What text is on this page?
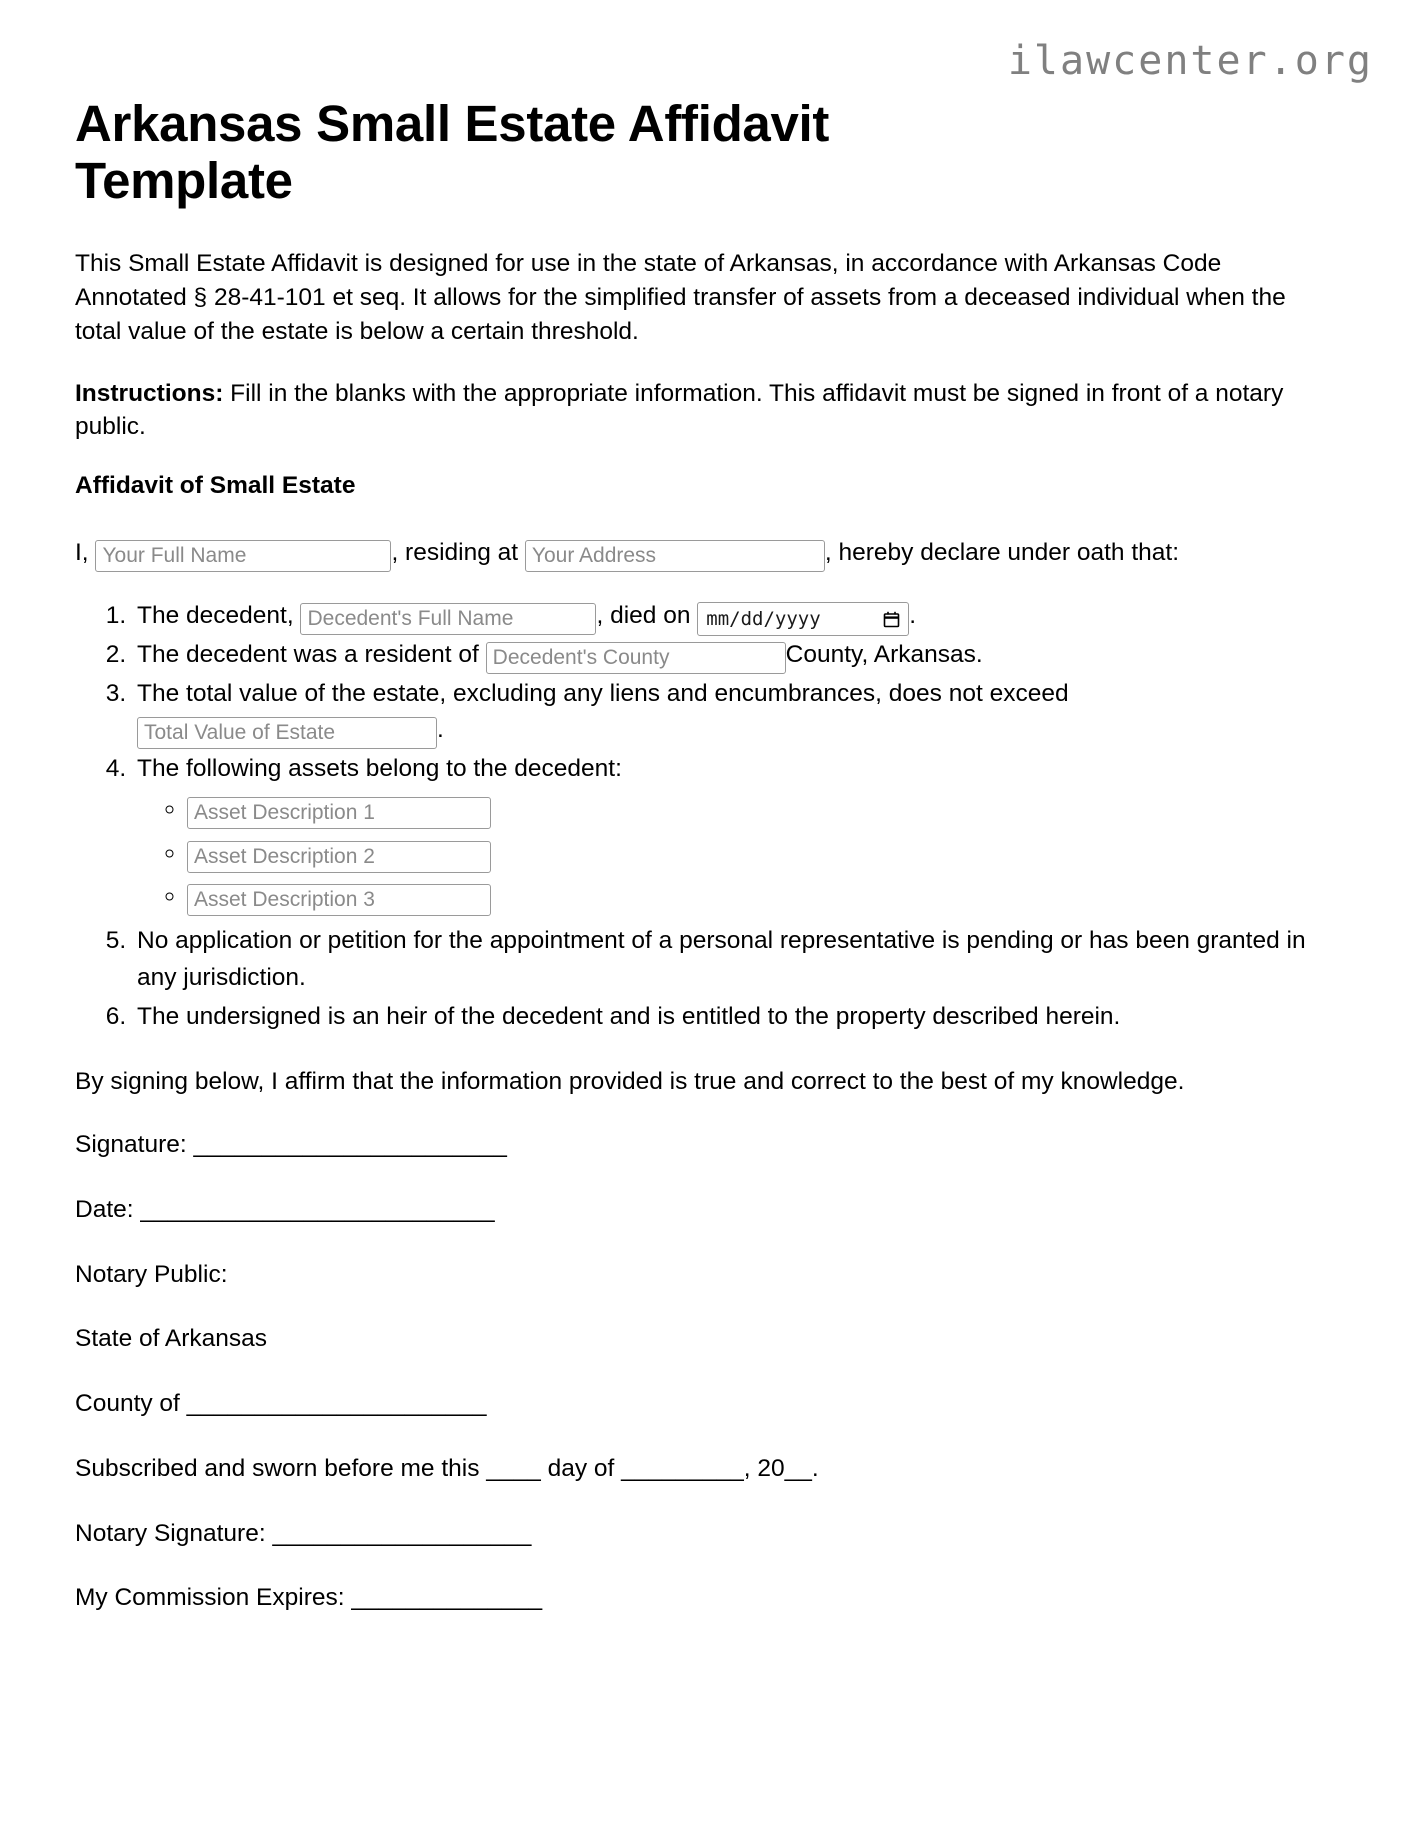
ilawcenter.org
Arkansas Small Estate Affidavit Template

This Small Estate Affidavit is designed for use in the state of Arkansas, in accordance with Arkansas Code Annotated § 28-41-101 et seq. It allows for the simplified transfer of assets from a deceased individual when the total value of the estate is below a certain threshold.

Instructions: Fill in the blanks with the appropriate information. This affidavit must be signed in front of a notary public.

Affidavit of Small Estate
I, Your Full Name	, residing at Your Address	, hereby declare under oath that:
1. The decedent, Decedent's Full Name	, died on mm/dd/yyyy	.
2. The decedent was a resident of Decedent's County	County, Arkansas.
3. The total value of the estate, excluding any liens and encumbrances, does not exceed Total Value of Estate.
4. The following assets belong to the decedent:
◦ Asset Description 1
◦ Asset Description 2
◦ Asset Description 3
5. No application or petition for the appointment of a personal representative is pending or has been granted in any jurisdiction.
6. The undersigned is an heir of the decedent and is entitled to the property described herein.

By signing below, I affirm that the information provided is true and correct to the best of my knowledge.

Signature: _______________________
Date: __________________________
Notary Public:
State of Arkansas
County of ______________________
Subscribed and sworn before me this ____ day of _________, 20__.
Notary Signature: ___________________
My Commission Expires: ______________
